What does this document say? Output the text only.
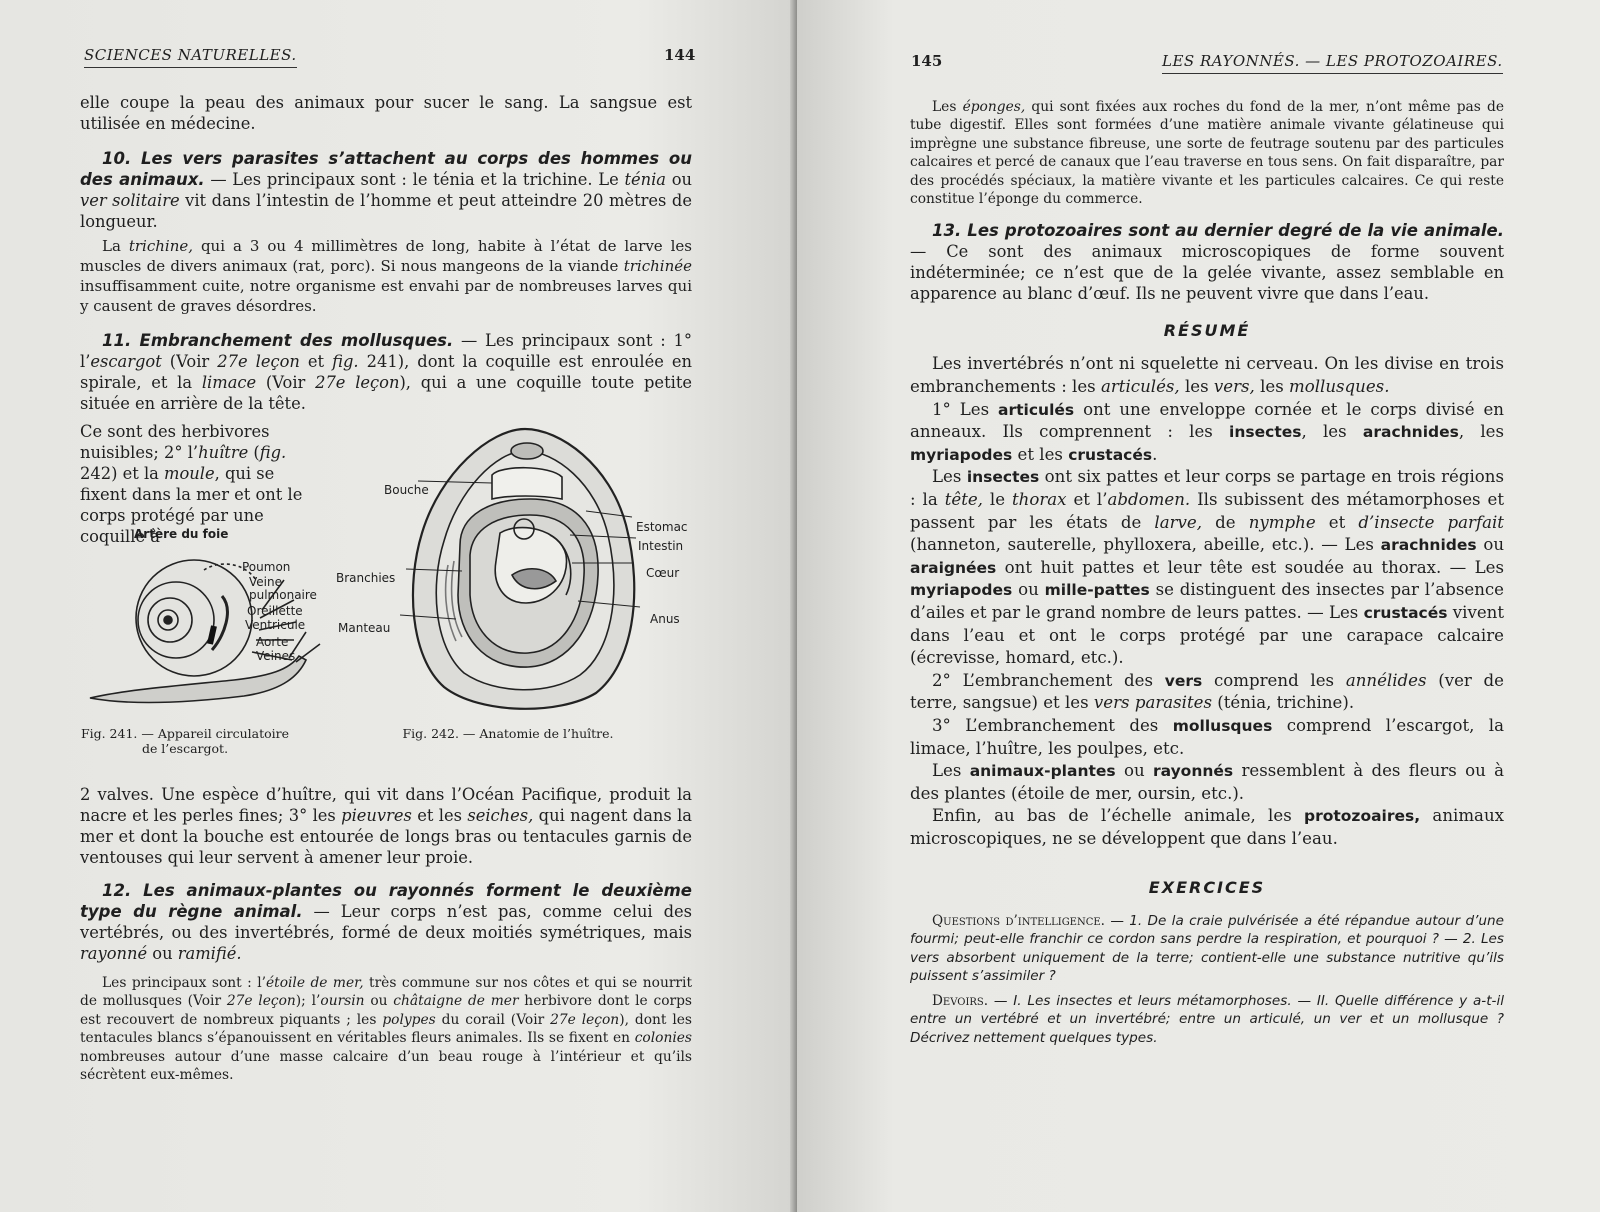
SCIENCES NATURELLES.	144

elle coupe la peau des animaux pour sucer le sang. La sangsue est utilisée en médecine.

10. Les vers parasites s’attachent au corps des hommes ou des animaux. — Les principaux sont : le ténia et la trichine. Le ténia ou ver solitaire vit dans l’intestin de l’homme et peut atteindre 20 mètres de longueur.

La trichine, qui a 3 ou 4 millimètres de long, habite à l’état de larve les muscles de divers animaux (rat, porc). Si nous mangeons de la viande trichinée insuffisamment cuite, notre organisme est envahi par de nombreuses larves qui y causent de graves désordres.

11. Embranchement des mollusques. — Les principaux sont : 1° l’escargot (Voir 27e leçon et fig. 241), dont la coquille est enroulée en spirale, et la limace (Voir 27e leçon), qui a une coquille toute petite située en arrière de la tête.

Ce sont des herbivores nuisibles; 2° l’huître (fig. 242) et la moule, qui se fixent dans la mer et ont le corps protégé par une coquille à

Artère du foie
Poumon
Veine pulmonaire
Oreillette
Ventricule
Aorte
Veines
Fig. 241. — Appareil circulatoire de l’escargot.
Bouche
Branchies
Manteau
Estomac
Intestin
Cœur
Anus
Fig. 242. — Anatomie de l’huître.

2 valves. Une espèce d’huître, qui vit dans l’Océan Pacifique, produit la nacre et les perles fines; 3° les pieuvres et les seiches, qui nagent dans la mer et dont la bouche est entourée de longs bras ou tentacules garnis de ventouses qui leur servent à amener leur proie.

12. Les animaux-plantes ou rayonnés forment le deuxième type du règne animal. — Leur corps n’est pas, comme celui des vertébrés, ou des invertébrés, formé de deux moitiés symétriques, mais rayonné ou ramifié.

Les principaux sont : l’étoile de mer, très commune sur nos côtes et qui se nourrit de mollusques (Voir 27e leçon); l’oursin ou châtaigne de mer herbivore dont le corps est recouvert de nombreux piquants ; les polypes du corail (Voir 27e leçon), dont les tentacules blancs s’épanouissent en véritables fleurs animales. Ils se fixent en colonies nombreuses autour d’une masse calcaire d’un beau rouge à l’intérieur et qu’ils sécrètent eux-mêmes.

145	LES RAYONNÉS. — LES PROTOZOAIRES.

Les éponges, qui sont fixées aux roches du fond de la mer, n’ont même pas de tube digestif. Elles sont formées d’une matière animale vivante gélatineuse qui imprègne une substance fibreuse, une sorte de feutrage soutenu par des particules calcaires et percé de canaux que l’eau traverse en tous sens. On fait disparaître, par des procédés spéciaux, la matière vivante et les particules calcaires. Ce qui reste constitue l’éponge du commerce.

13. Les protozoaires sont au dernier degré de la vie animale. — Ce sont des animaux microscopiques de forme souvent indéterminée; ce n’est que de la gelée vivante, assez semblable en apparence au blanc d’œuf. Ils ne peuvent vivre que dans l’eau.

RÉSUMÉ

Les invertébrés n’ont ni squelette ni cerveau. On les divise en trois embranchements : les articulés, les vers, les mollusques.

1° Les articulés ont une enveloppe cornée et le corps divisé en anneaux. Ils comprennent : les insectes, les arachnides, les myriapodes et les crustacés.

Les insectes ont six pattes et leur corps se partage en trois régions : la tête, le thorax et l’abdomen. Ils subissent des métamorphoses et passent par les états de larve, de nymphe et d’insecte parfait (hanneton, sauterelle, phylloxera, abeille, etc.). — Les arachnides ou araignées ont huit pattes et leur tête est soudée au thorax. — Les myriapodes ou mille-pattes se distinguent des insectes par l’absence d’ailes et par le grand nombre de leurs pattes. — Les crustacés vivent dans l’eau et ont le corps protégé par une carapace calcaire (écrevisse, homard, etc.).

2° L’embranchement des vers comprend les annélides (ver de terre, sangsue) et les vers parasites (ténia, trichine).

3° L’embranchement des mollusques comprend l’escargot, la limace, l’huître, les poulpes, etc.

Les animaux-plantes ou rayonnés ressemblent à des fleurs ou à des plantes (étoile de mer, oursin, etc.).

Enfin, au bas de l’échelle animale, les protozoaires, animaux microscopiques, ne se développent que dans l’eau.

EXERCICES

Questions d’intelligence. — 1. De la craie pulvérisée a été répandue autour d’une fourmi; peut-elle franchir ce cordon sans perdre la respiration, et pourquoi ? — 2. Les vers absorbent uniquement de la terre; contient-elle une substance nutritive qu’ils puissent s’assimiler ?

Devoirs. — I. Les insectes et leurs métamorphoses. — II. Quelle différence y a-t-il entre un vertébré et un invertébré; entre un articulé, un ver et un mollusque ? Décrivez nettement quelques types.
